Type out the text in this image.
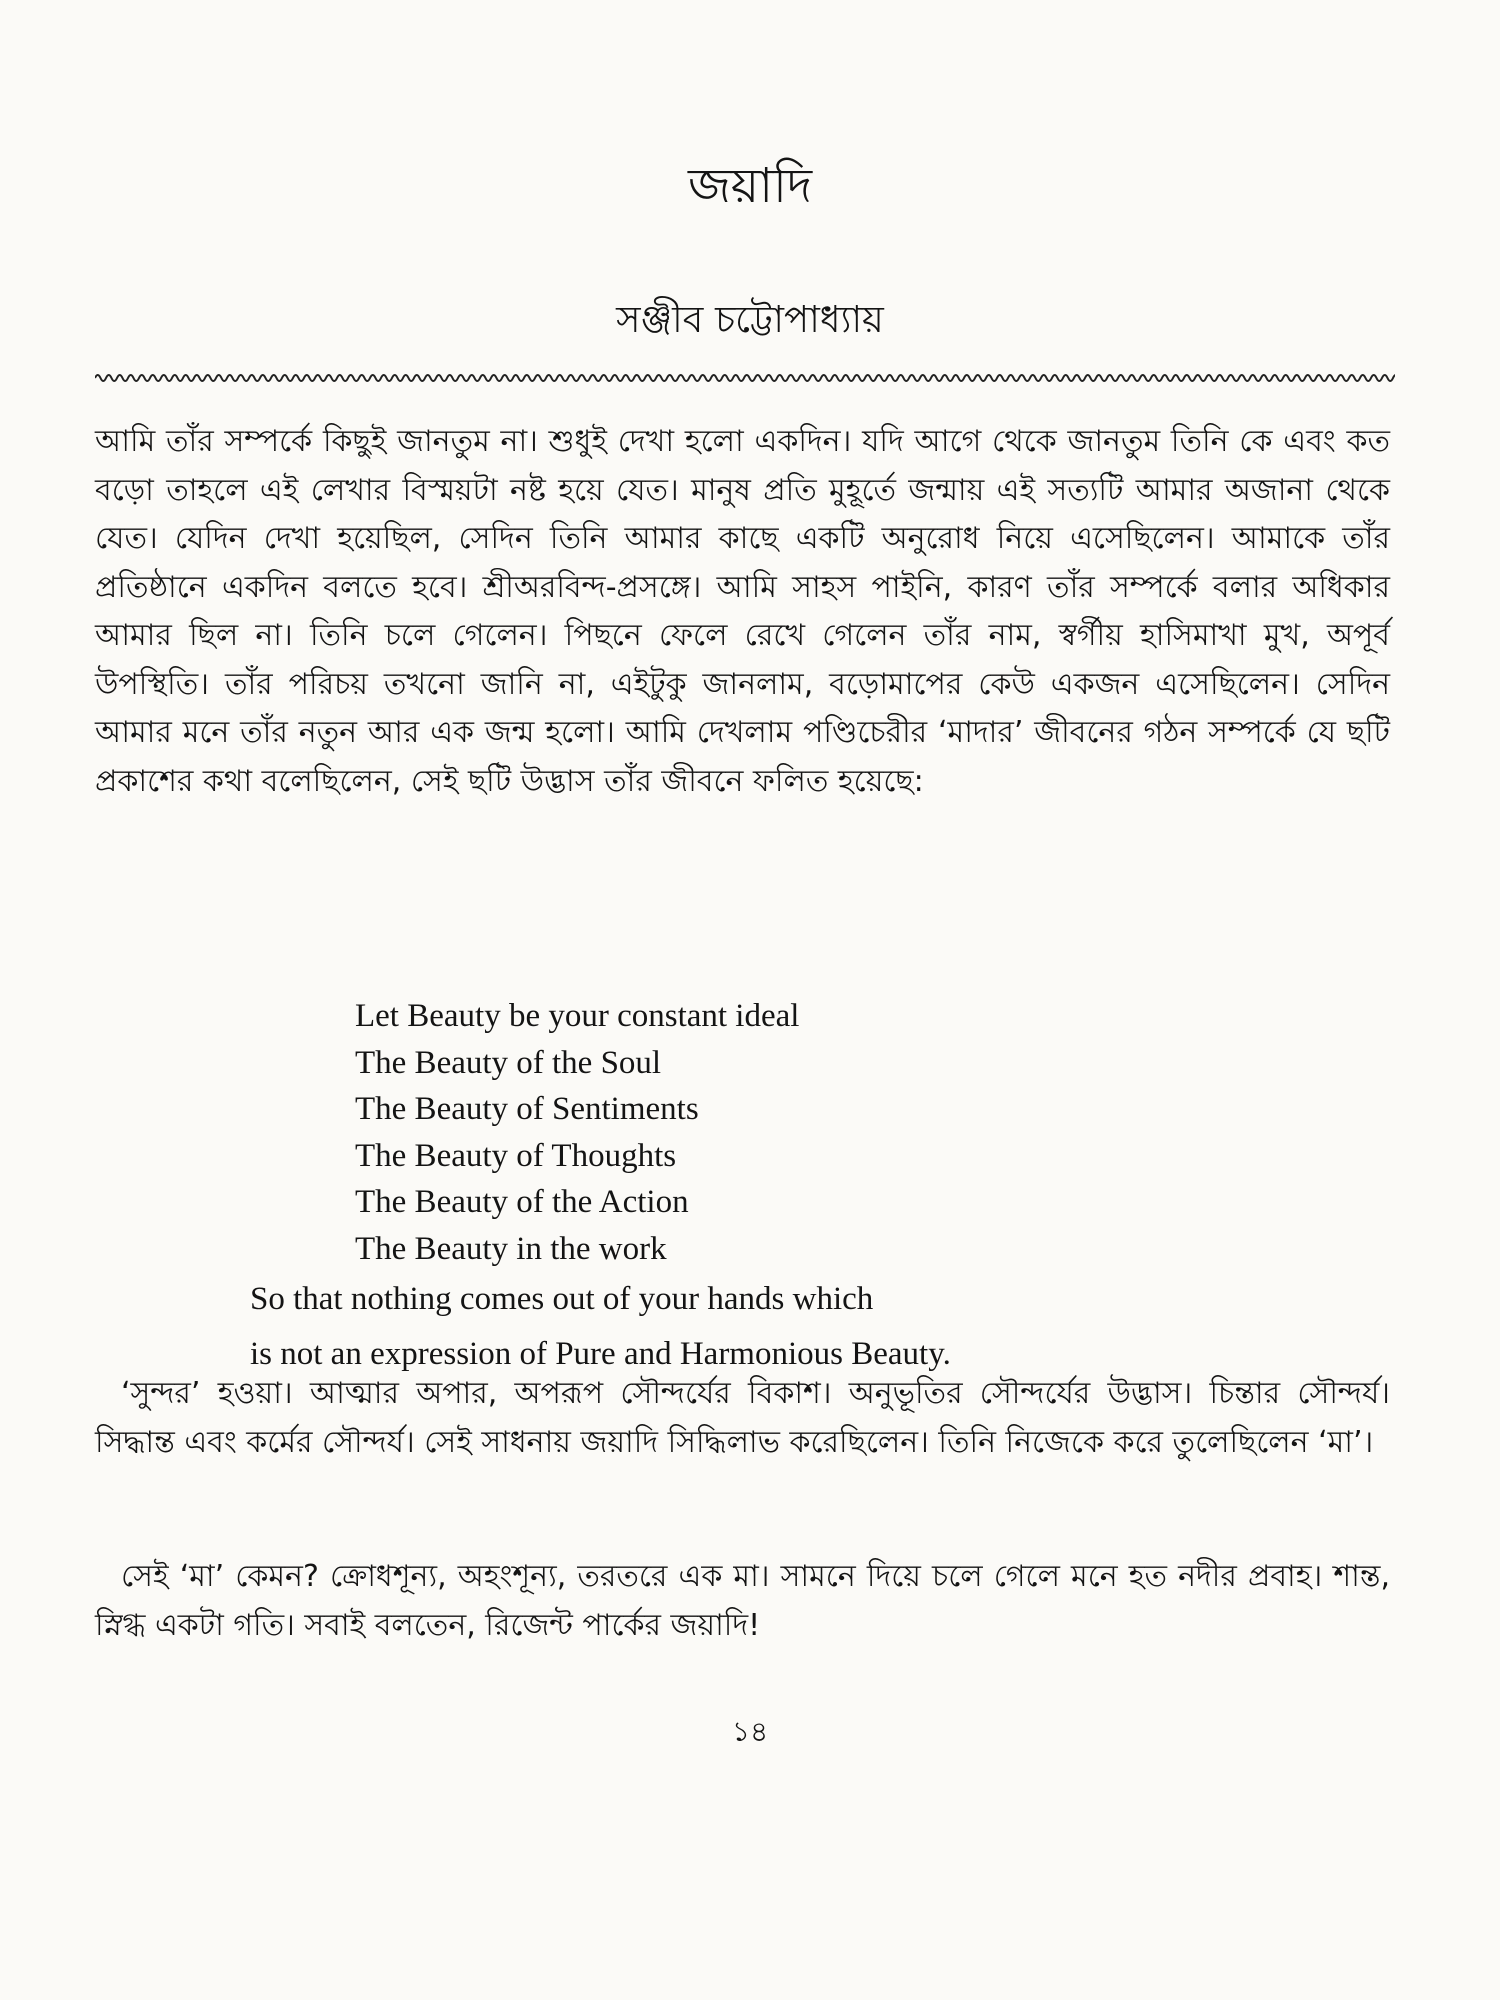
জয়াদি
সঞ্জীব চট্টোপাধ্যায়
আমি তাঁর সম্পর্কে কিছুই জানতুম না। শুধুই দেখা হলো একদিন। যদি আগে থেকে জানতুম তিনি কে এবং কত বড়ো তাহলে এই লেখার বিস্ময়টা নষ্ট হয়ে যেত। মানুষ প্রতি মুহূর্তে জন্মায় এই সত্যটি আমার অজানা থেকে যেত। যেদিন দেখা হয়েছিল, সেদিন তিনি আমার কাছে একটি অনুরোধ নিয়ে এসেছিলেন। আমাকে তাঁর প্রতিষ্ঠানে একদিন বলতে হবে। শ্রীঅরবিন্দ-প্রসঙ্গে। আমি সাহস পাইনি, কারণ তাঁর সম্পর্কে বলার অধিকার আমার ছিল না। তিনি চলে গেলেন। পিছনে ফেলে রেখে গেলেন তাঁর নাম, স্বর্গীয় হাসিমাখা মুখ, অপূর্ব উপস্থিতি। তাঁর পরিচয় তখনো জানি না, এইটুকু জানলাম, বড়োমাপের কেউ একজন এসেছিলেন। সেদিন আমার মনে তাঁর নতুন আর এক জন্ম হলো। আমি দেখলাম পণ্ডিচেরীর ‘মাদার’ জীবনের গঠন সম্পর্কে যে ছটি প্রকাশের কথা বলেছিলেন, সেই ছটি উদ্ভাস তাঁর জীবনে ফলিত হয়েছে:
Let Beauty be your constant ideal
The Beauty of the Soul
The Beauty of Sentiments
The Beauty of Thoughts
The Beauty of the Action
The Beauty in the work
So that nothing comes out of your hands which
is not an expression of Pure and Harmonious Beauty.
‘সুন্দর’ হওয়া। আত্মার অপার, অপরূপ সৌন্দর্যের বিকাশ। অনুভূতির সৌন্দর্যের উদ্ভাস। চিন্তার সৌন্দর্য। সিদ্ধান্ত এবং কর্মের সৌন্দর্য। সেই সাধনায় জয়াদি সিদ্ধিলাভ করেছিলেন। তিনি নিজেকে করে তুলেছিলেন ‘মা’।
সেই ‘মা’ কেমন? ক্রোধশূন্য, অহংশূন্য, তরতরে এক মা। সামনে দিয়ে চলে গেলে মনে হত নদীর প্রবাহ। শান্ত, স্নিগ্ধ একটা গতি। সবাই বলতেন, রিজেন্ট পার্কের জয়াদি!
১৪
